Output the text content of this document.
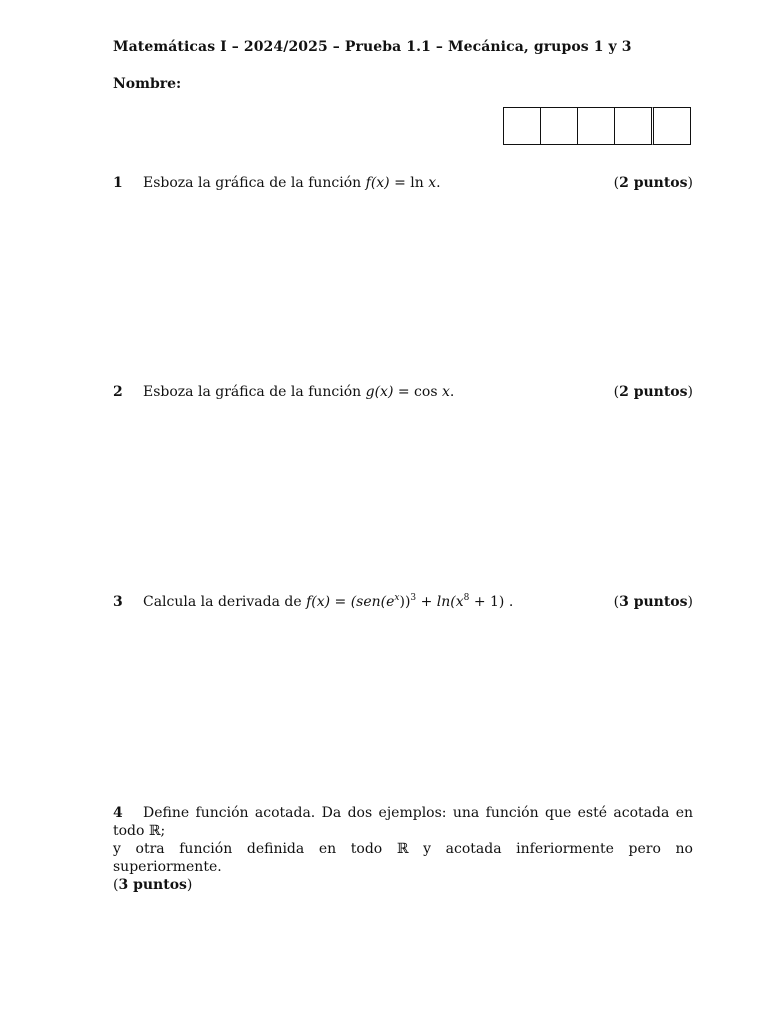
Matemáticas I – 2024/2025 – Prueba 1.1 – Mecánica, grupos 1 y 3
Nombre:
1 Esboza la gráfica de la función f(x) = ln x.	(2 puntos)
2 Esboza la gráfica de la función g(x) = cos x.	(2 puntos)
3 Calcula la derivada de $f(x) = (sen(e^x))^3 + \ln(x^8 + 1)$ .	(3 puntos)
4 Define función acotada. Da dos ejemplos: una función que esté acotada en todo ℝ;
y otra función definida en todo ℝ y acotada inferiormente pero no superiormente.
(3 puntos)
